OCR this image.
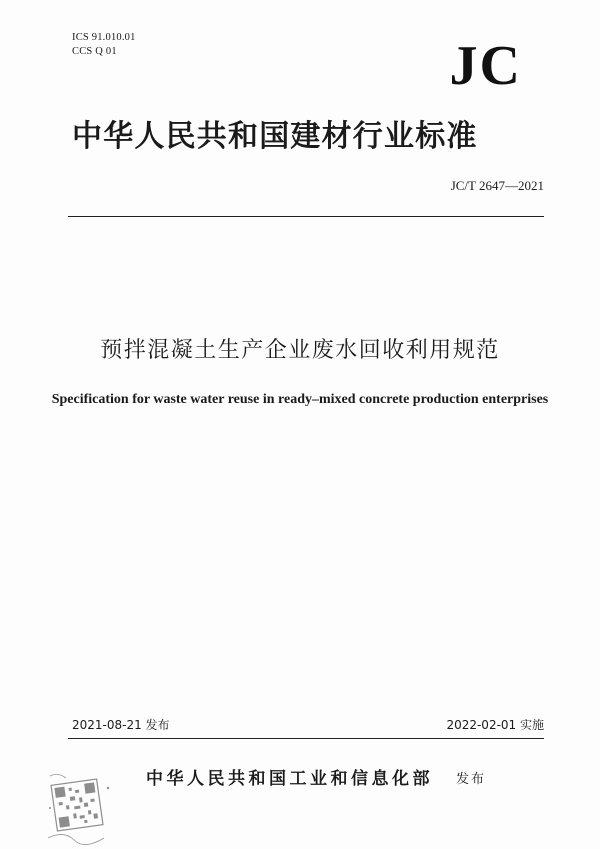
ICS 91.010.01
CCS Q 01	JC
中华人民共和国建材行业标准
JC/T 2647—2021
预拌混凝土生产企业废水回收利用规范
Specification for waste water reuse in ready–mixed concrete production enterprises
2021-08-21 发布	2022-02-01 实施
中华人民共和国工业和信息化部 发布
